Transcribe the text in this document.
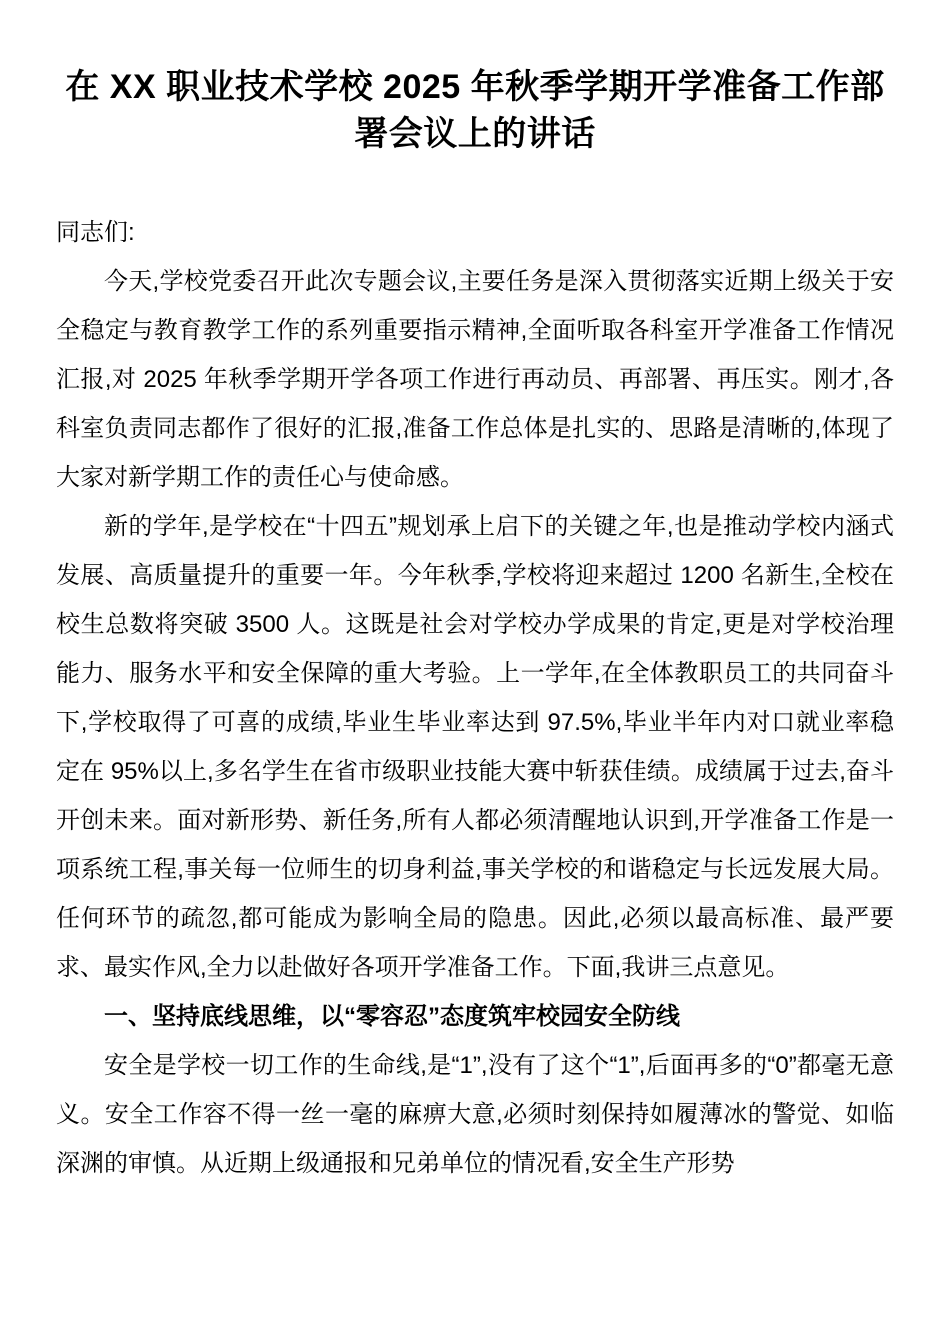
在 XX 职业技术学校 2025 年秋季学期开学准备工作部署会议上的讲话

同志们:

今天,学校党委召开此次专题会议,主要任务是深入贯彻落实近期上级关于安全稳定与教育教学工作的系列重要指示精神,全面听取各科室开学准备工作情况汇报,对 2025 年秋季学期开学各项工作进行再动员、再部署、再压实。刚才,各科室负责同志都作了很好的汇报,准备工作总体是扎实的、思路是清晰的,体现了大家对新学期工作的责任心与使命感。

新的学年,是学校在“十四五”规划承上启下的关键之年,也是推动学校内涵式发展、高质量提升的重要一年。今年秋季,学校将迎来超过 1200 名新生,全校在校生总数将突破 3500 人。这既是社会对学校办学成果的肯定,更是对学校治理能力、服务水平和安全保障的重大考验。上一学年,在全体教职员工的共同奋斗下,学校取得了可喜的成绩,毕业生毕业率达到 97.5%,毕业半年内对口就业率稳定在 95%以上,多名学生在省市级职业技能大赛中斩获佳绩。成绩属于过去,奋斗开创未来。面对新形势、新任务,所有人都必须清醒地认识到,开学准备工作是一项系统工程,事关每一位师生的切身利益,事关学校的和谐稳定与长远发展大局。任何环节的疏忽,都可能成为影响全局的隐患。因此,必须以最高标准、最严要求、最实作风,全力以赴做好各项开学准备工作。下面,我讲三点意见。

一、坚持底线思维，以“零容忍”态度筑牢校园安全防线

安全是学校一切工作的生命线,是“1”,没有了这个“1”,后面再多的“0”都毫无意义。安全工作容不得一丝一毫的麻痹大意,必须时刻保持如履薄冰的警觉、如临深渊的审慎。从近期上级通报和兄弟单位的情况看,安全生产形势
